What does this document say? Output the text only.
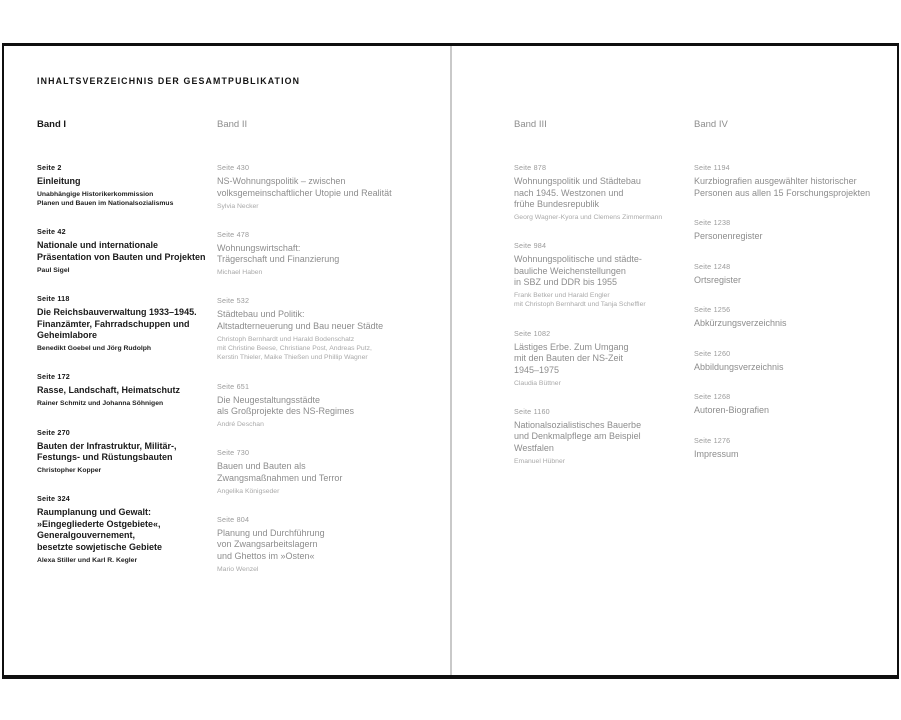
INHALTSVERZEICHNIS DER GESAMTPUBLIKATION
Band I
Seite 2
Einleitung
Unabhängige Historikerkommission
Planen und Bauen im Nationalsozialismus
Seite 42
Nationale und internationale
Präsentation von Bauten und Projekten
Paul Sigel
Seite 118
Die Reichsbauverwaltung 1933–1945.
Finanzämter, Fahrradschuppen und
Geheimlabore
Benedikt Goebel und Jörg Rudolph
Seite 172
Rasse, Landschaft, Heimatschutz
Rainer Schmitz und Johanna Söhnigen
Seite 270
Bauten der Infrastruktur, Militär-,
Festungs- und Rüstungsbauten
Christopher Kopper
Seite 324
Raumplanung und Gewalt:
»Eingegliederte Ostgebiete«,
Generalgouvernement,
besetzte sowjetische Gebiete
Alexa Stiller und Karl R. Kegler
Band II
Seite 430
NS-Wohnungspolitik – zwischen
volksgemeinschaftlicher Utopie und Realität
Sylvia Necker
Seite 478
Wohnungswirtschaft:
Trägerschaft und Finanzierung
Michael Haben
Seite 532
Städtebau und Politik:
Altstadterneuerung und Bau neuer Städte
Christoph Bernhardt und Harald Bodenschatz
mit Christine Beese, Christiane Post, Andreas Putz,
Kerstin Thieler, Maike Thießen und Phillip Wagner
Seite 651
Die Neugestaltungsstädte
als Großprojekte des NS-Regimes
André Deschan
Seite 730
Bauen und Bauten als
Zwangsmaßnahmen und Terror
Angelika Königseder
Seite 804
Planung und Durchführung
von Zwangsarbeitslagern
und Ghettos im »Osten«
Mario Wenzel
Band III
Seite 878
Wohnungspolitik und Städtebau
nach 1945. Westzonen und
frühe Bundesrepublik
Georg Wagner-Kyora und Clemens Zimmermann
Seite 984
Wohnungspolitische und städte-
bauliche Weichenstellungen
in SBZ und DDR bis 1955
Frank Betker und Harald Engler
mit Christoph Bernhardt und Tanja Scheffler
Seite 1082
Lästiges Erbe. Zum Umgang
mit den Bauten der NS-Zeit
1945–1975
Claudia Büttner
Seite 1160
Nationalsozialistisches Bauerbe
und Denkmalpflege am Beispiel
Westfalen
Emanuel Hübner
Band IV
Seite 1194
Kurzbiografien ausgewählter historischer
Personen aus allen 15 Forschungsprojekten
Seite 1238
Personenregister
Seite 1248
Ortsregister
Seite 1256
Abkürzungsverzeichnis
Seite 1260
Abbildungsverzeichnis
Seite 1268
Autoren-Biografien
Seite 1276
Impressum
